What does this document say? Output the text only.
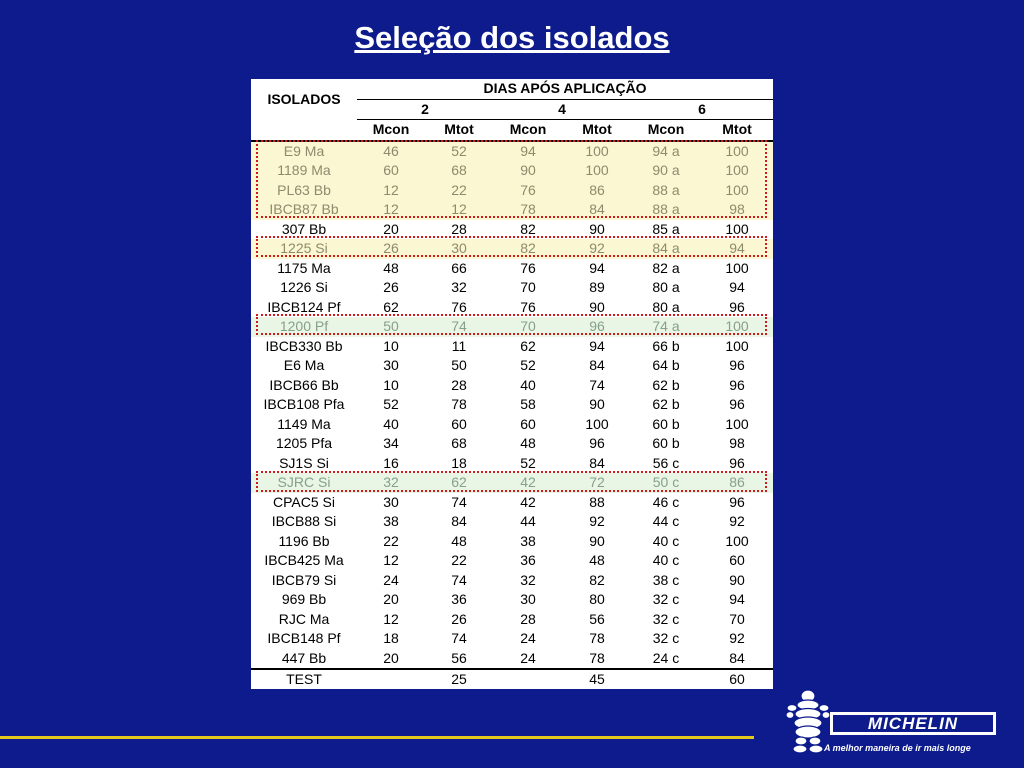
Seleção dos isolados
ISOLADOS	DIAS APÓS APLICAÇÃO					
	2		4		6	
	Mcon	Mtot	Mcon	Mtot	Mcon	Mtot
E9 Ma	46	52	94	100	94 a	100
1189 Ma	60	68	90	100	90 a	100
PL63 Bb	12	22	76	86	88 a	100
IBCB87 Bb	12	12	78	84	88 a	98
307 Bb	20	28	82	90	85 a	100
1225 Si	26	30	82	92	84 a	94
1175 Ma	48	66	76	94	82 a	100
1226 Si	26	32	70	89	80 a	94
IBCB124 Pf	62	76	76	90	80 a	96
1200 Pf	50	74	70	96	74 a	100
IBCB330 Bb	10	11	62	94	66 b	100
E6 Ma	30	50	52	84	64 b	96
IBCB66 Bb	10	28	40	74	62 b	96
IBCB108 Pfa	52	78	58	90	62 b	96
1149 Ma	40	60	60	100	60 b	100
1205 Pfa	34	68	48	96	60 b	98
SJ1S Si	16	18	52	84	56 c	96
SJRC Si	32	62	42	72	50 c	86
CPAC5 Si	30	74	42	88	46 c	96
IBCB88 Si	38	84	44	92	44 c	92
1196 Bb	22	48	38	90	40 c	100
IBCB425 Ma	12	22	36	48	40 c	60
IBCB79 Si	24	74	32	82	38 c	90
969 Bb	20	36	30	80	32 c	94
RJC Ma	12	26	28	56	32 c	70
IBCB148 Pf	18	74	24	78	32 c	92
447 Bb	20	56	24	78	24 c	84
TEST		25		45		60
MICHELIN
A melhor maneira de ir mais longe
